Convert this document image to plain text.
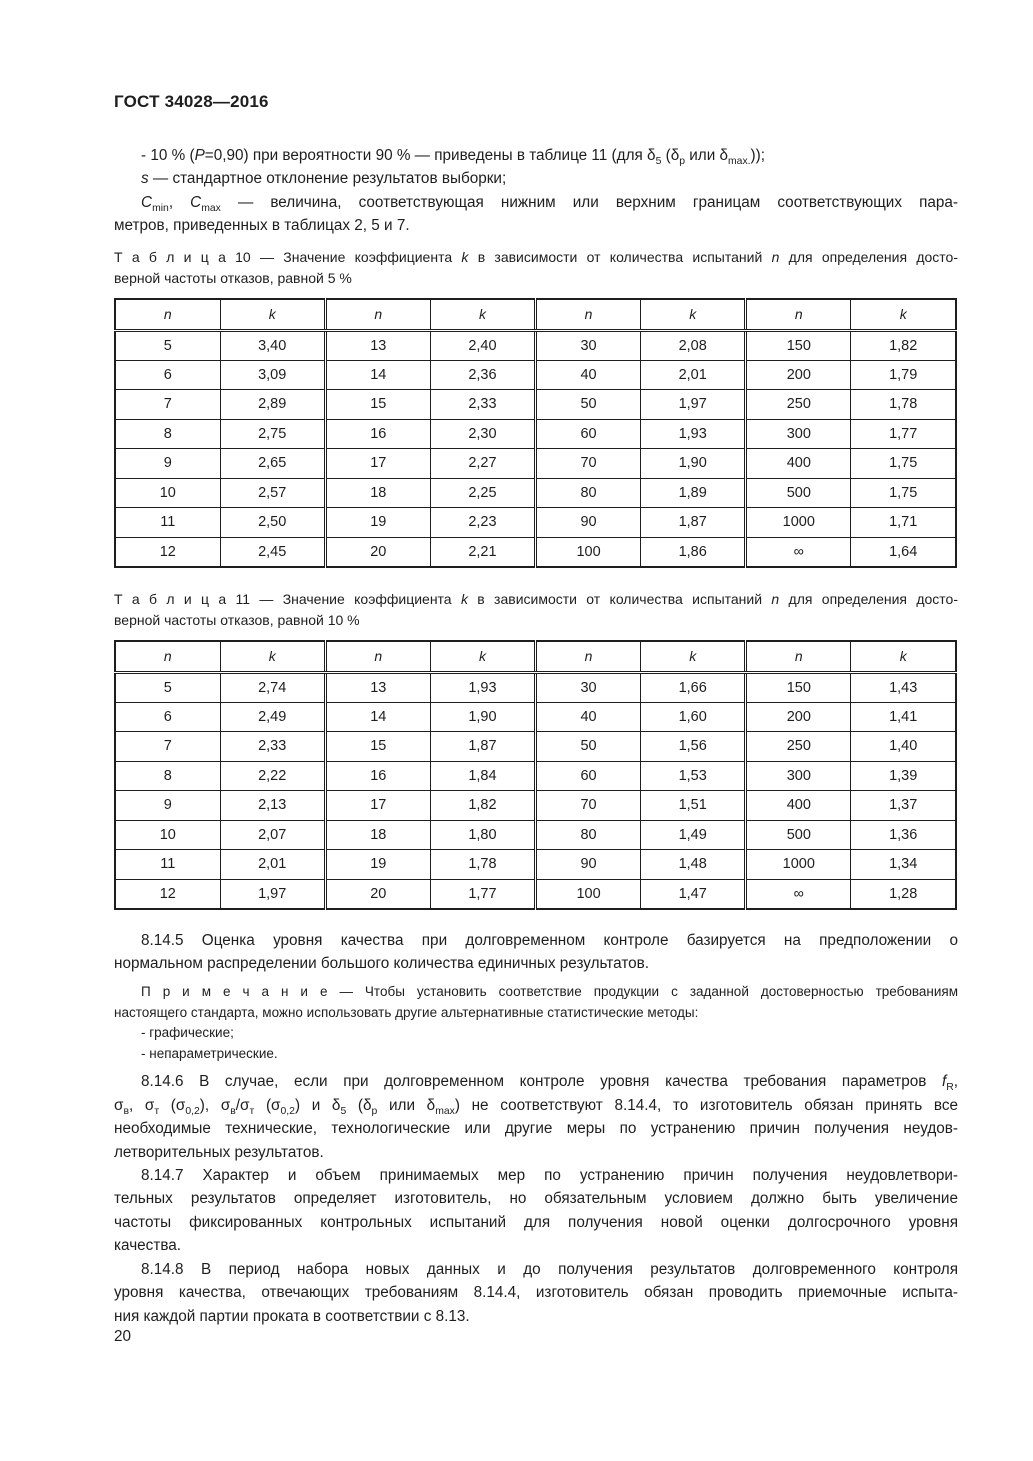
ГОСТ 34028—2016
- 10 % (P=0,90) при вероятности 90 % — приведены в таблице 11 (для $\delta_5$ ($\delta_р$ или $\delta_{max.}$));
s — стандартное отклонение результатов выборки;
$C_{min}$, $C_{max}$ — величина, соответствующая нижним или верхним границам соответствующих пара-
метров, приведенных в таблицах 2, 5 и 7.
Т а б л и ц а 10 — Значение коэффициента k в зависимости от количества испытаний n для определения досто-
верной частоты отказов, равной 5 %
n	k	n	k	n	k	n	k
5	3,40	13	2,40	30	2,08	150	1,82
6	3,09	14	2,36	40	2,01	200	1,79
7	2,89	15	2,33	50	1,97	250	1,78
8	2,75	16	2,30	60	1,93	300	1,77
9	2,65	17	2,27	70	1,90	400	1,75
10	2,57	18	2,25	80	1,89	500	1,75
11	2,50	19	2,23	90	1,87	1000	1,71
12	2,45	20	2,21	100	1,86	∞	1,64
Т а б л и ц а 11 — Значение коэффициента k в зависимости от количества испытаний n для определения досто-
верной частоты отказов, равной 10 %
n	k	n	k	n	k	n	k
5	2,74	13	1,93	30	1,66	150	1,43
6	2,49	14	1,90	40	1,60	200	1,41
7	2,33	15	1,87	50	1,56	250	1,40
8	2,22	16	1,84	60	1,53	300	1,39
9	2,13	17	1,82	70	1,51	400	1,37
10	2,07	18	1,80	80	1,49	500	1,36
11	2,01	19	1,78	90	1,48	1000	1,34
12	1,97	20	1,77	100	1,47	∞	1,28
8.14.5 Оценка уровня качества при долговременном контроле базируется на предположении о
нормальном распределении большого количества единичных результатов.
П р и м е ч а н и е — Чтобы установить соответствие продукции с заданной достоверностью требованиям
настоящего стандарта, можно использовать другие альтернативные статистические методы:
- графические;
- непараметрические.
8.14.6 В случае, если при долговременном контроле уровня качества требования параметров $f_R$,
$\sigma_в$, $\sigma_т$ $(\sigma_{0,2})$, $\sigma_в/\sigma_т$ $(\sigma_{0,2})$ и $\delta_5$ ($\delta_р$ или $\delta_{max}$) не соответствуют 8.14.4, то изготовитель обязан принять все
необходимые технические, технологические или другие меры по устранению причин получения неудов-
летворительных результатов.
8.14.7 Характер и объем принимаемых мер по устранению причин получения неудовлетвори-
тельных результатов определяет изготовитель, но обязательным условием должно быть увеличение
частоты фиксированных контрольных испытаний для получения новой оценки долгосрочного уровня
качества.
8.14.8 В период набора новых данных и до получения результатов долговременного контроля
уровня качества, отвечающих требованиям 8.14.4, изготовитель обязан проводить приемочные испыта-
ния каждой партии проката в соответствии с 8.13.
20
